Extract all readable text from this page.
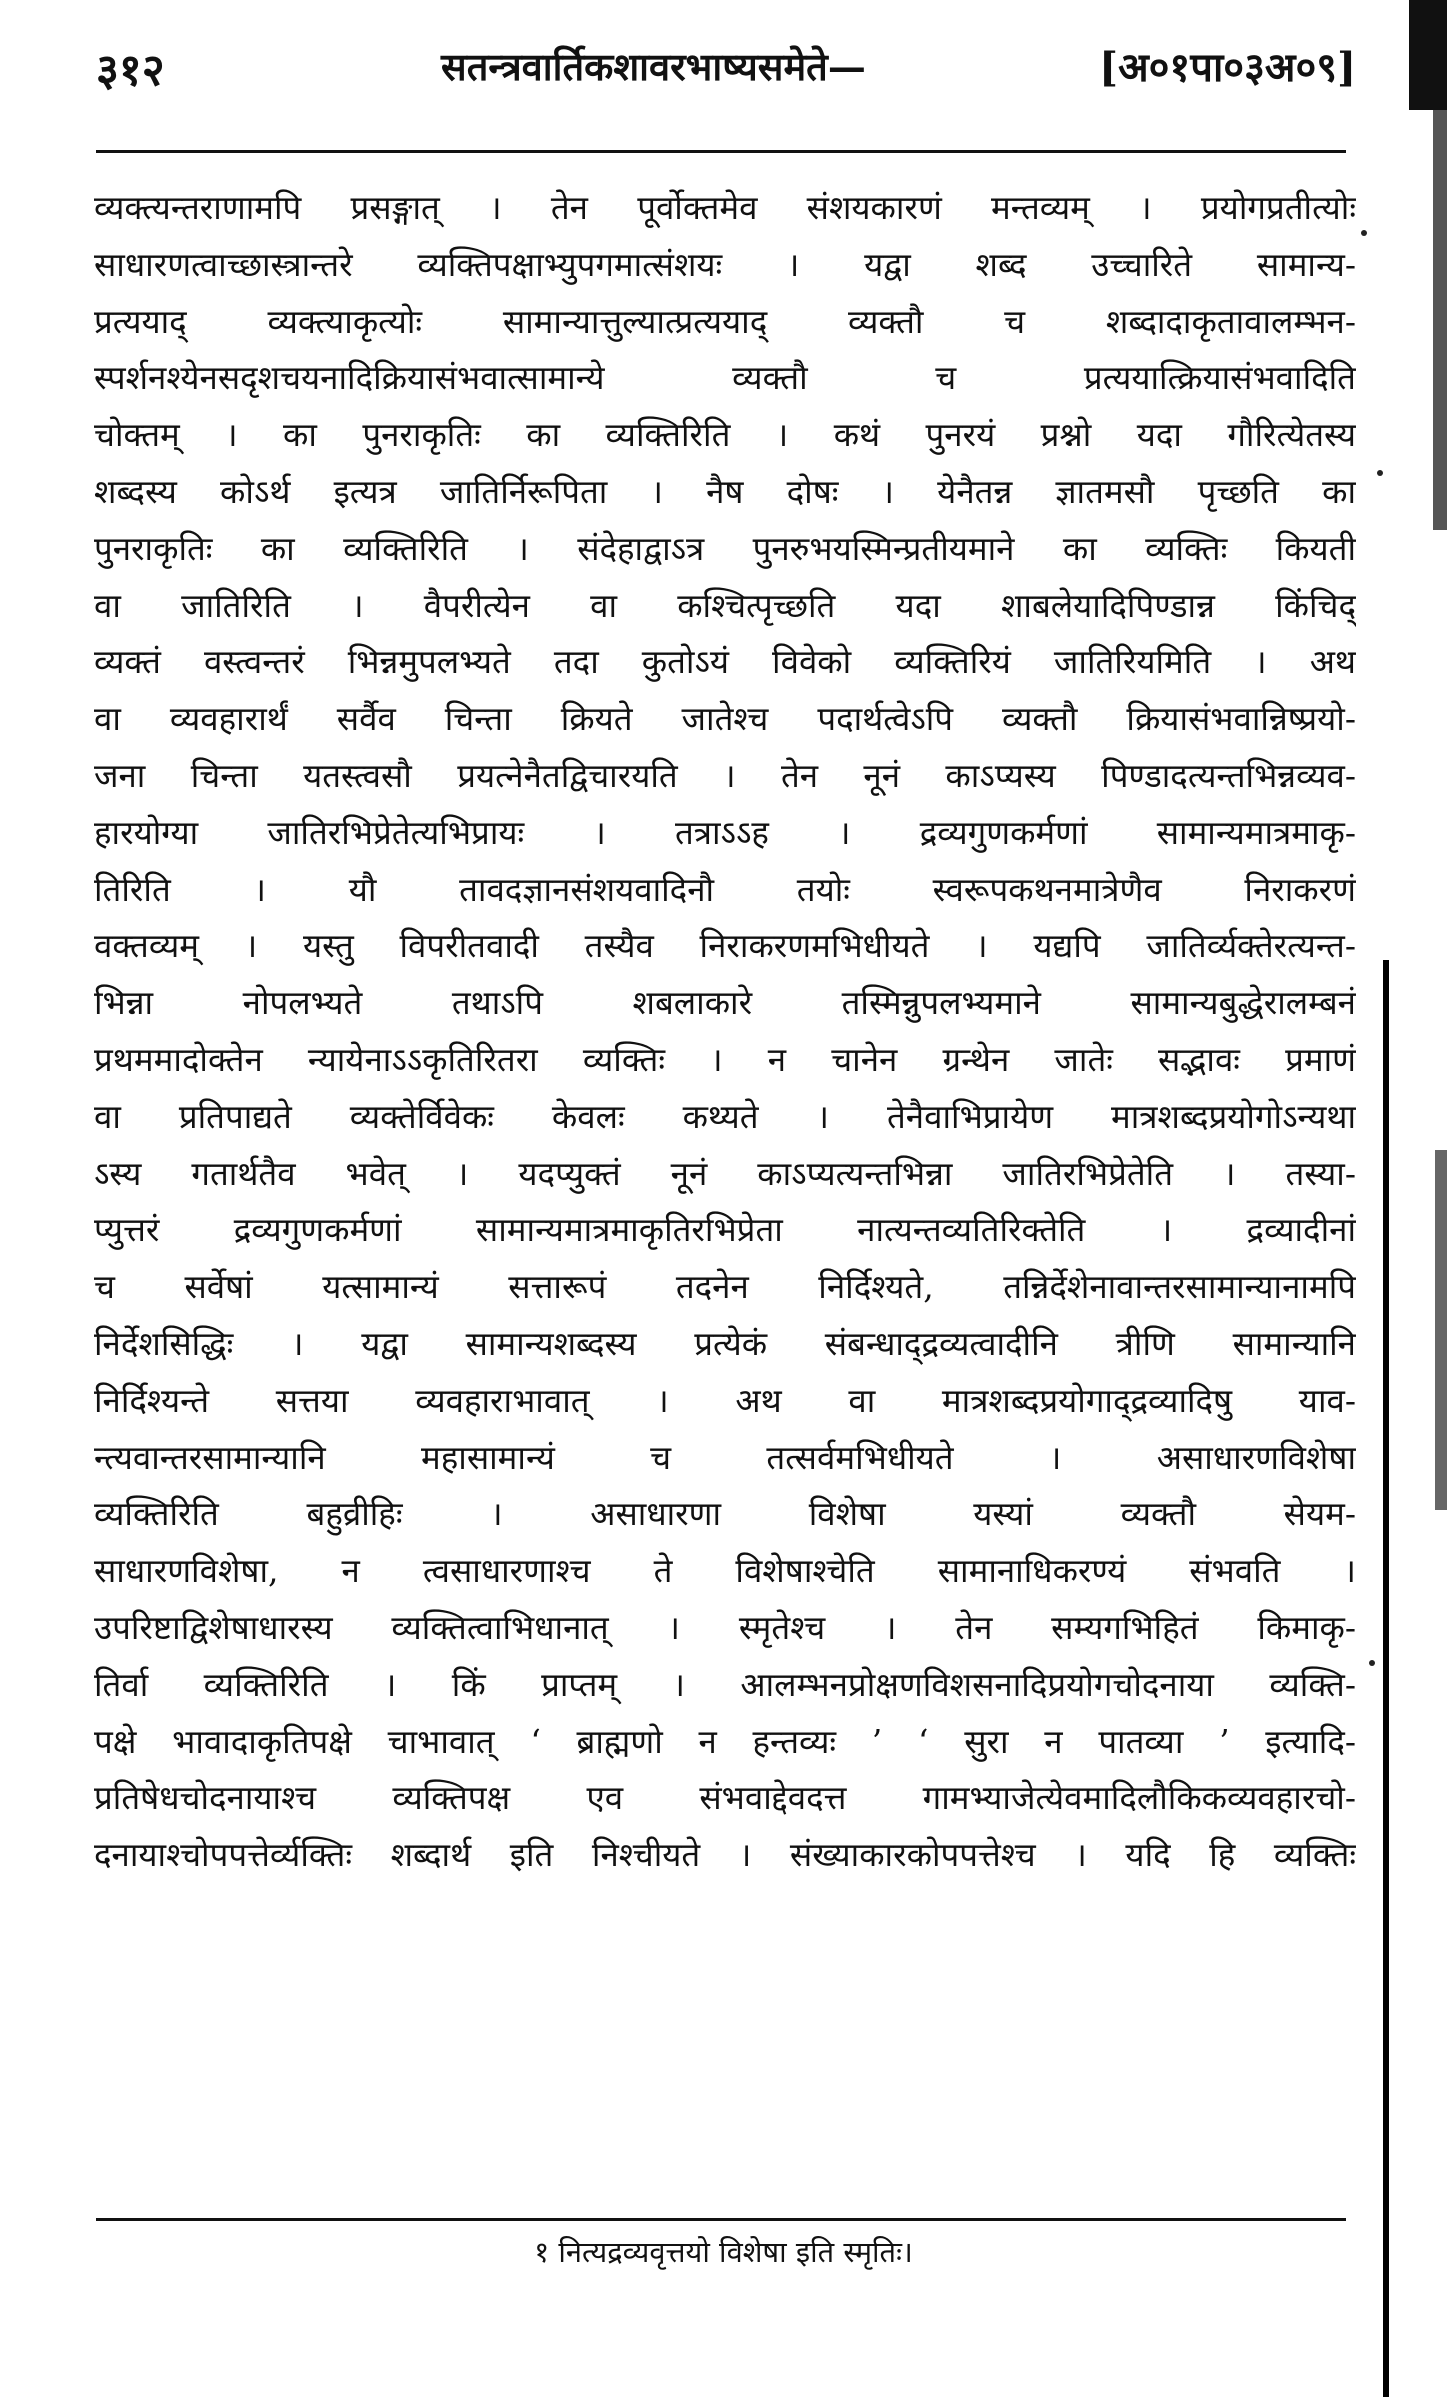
३१२	सतन्त्रवार्तिकशावरभाष्यसमेते—	[अ०१पा०३अ०९]
व्यक्त्यन्तराणामपि प्रसङ्गात् । तेन पूर्वोक्तमेव संशयकारणं मन्तव्यम् । प्रयोगप्रतीत्योः
साधारणत्वाच्छास्त्रान्तरे व्यक्तिपक्षाभ्युपगमात्संशयः । यद्वा शब्द उच्चारिते सामान्य-
प्रत्ययाद् व्यक्त्याकृत्योः सामान्यात्तुल्यात्प्रत्ययाद् व्यक्तौ च शब्दादाकृतावालम्भन-
स्पर्शनश्येनसदृशचयनादिक्रियासंभवात्सामान्ये व्यक्तौ च प्रत्ययात्क्रियासंभवादिति
चोक्तम् । का पुनराकृतिः का व्यक्तिरिति । कथं पुनरयं प्रश्नो यदा गौरित्येतस्य
शब्दस्य कोऽर्थ इत्यत्र जातिर्निरूपिता । नैष दोषः । येनैतन्न ज्ञातमसौ पृच्छति का
पुनराकृतिः का व्यक्तिरिति । संदेहाद्वाऽत्र पुनरुभयस्मिन्प्रतीयमाने का व्यक्तिः कियती
वा जातिरिति । वैपरीत्येन वा कश्चित्पृच्छति यदा शाबलेयादिपिण्डान्न किंचिद्
व्यक्तं वस्त्वन्तरं भिन्नमुपलभ्यते तदा कुतोऽयं विवेको व्यक्तिरियं जातिरियमिति । अथ
वा व्यवहारार्थं सर्वैव चिन्ता क्रियते जातेश्च पदार्थत्वेऽपि व्यक्तौ क्रियासंभवान्निष्प्रयो-
जना चिन्ता यतस्त्वसौ प्रयत्नेनैतद्विचारयति । तेन नूनं काऽप्यस्य पिण्डादत्यन्तभिन्नव्यव-
हारयोग्या जातिरभिप्रेतेत्यभिप्रायः । तत्राऽऽह । द्रव्यगुणकर्मणां सामान्यमात्रमाकृ-
तिरिति । यौ तावदज्ञानसंशयवादिनौ तयोः स्वरूपकथनमात्रेणैव निराकरणं
वक्तव्यम् । यस्तु विपरीतवादी तस्यैव निराकरणमभिधीयते । यद्यपि जातिर्व्यक्तेरत्यन्त-
भिन्ना नोपलभ्यते तथाऽपि शबलाकारे तस्मिन्नुपलभ्यमाने सामान्यबुद्धेरालम्बनं
प्रथममादोक्तेन न्यायेनाऽऽकृतिरितरा व्यक्तिः । न चानेन ग्रन्थेन जातेः सद्भावः प्रमाणं
वा प्रतिपाद्यते व्यक्तेर्विवेकः केवलः कथ्यते । तेनैवाभिप्रायेण मात्रशब्दप्रयोगोऽन्यथा
ऽस्य गतार्थतैव भवेत् । यदप्युक्तं नूनं काऽप्यत्यन्तभिन्ना जातिरभिप्रेतेति । तस्या-
प्युत्तरं द्रव्यगुणकर्मणां सामान्यमात्रमाकृतिरभिप्रेता नात्यन्तव्यतिरिक्तेति । द्रव्यादीनां
च सर्वेषां यत्सामान्यं सत्तारूपं तदनेन निर्दिश्यते, तन्निर्देशेनावान्तरसामान्यानामपि
निर्देशसिद्धिः । यद्वा सामान्यशब्दस्य प्रत्येकं संबन्धाद्द्रव्यत्वादीनि त्रीणि सामान्यानि
निर्दिश्यन्ते सत्तया व्यवहाराभावात् । अथ वा मात्रशब्दप्रयोगाद्द्रव्यादिषु याव-
न्त्यवान्तरसामान्यानि महासामान्यं च तत्सर्वमभिधीयते । असाधारणविशेषा
व्यक्तिरिति बहुव्रीहिः । असाधारणा विशेषा यस्यां व्यक्तौ सेयम-
साधारणविशेषा, न त्वसाधारणाश्च ते विशेषाश्चेति सामानाधिकरण्यं संभवति ।
उपरिष्टाद्विशेषाधारस्य व्यक्तित्वाभिधानात् । स्मृतेश्च । तेन सम्यगभिहितं किमाकृ-
तिर्वा व्यक्तिरिति । किं प्राप्तम् । आलम्भनप्रोक्षणविशसनादिप्रयोगचोदनाया व्यक्ति-
पक्षे भावादाकृतिपक्षे चाभावात् ‘ ब्राह्मणो न हन्तव्यः ’ ‘ सुरा न पातव्या ’ इत्यादि-
प्रतिषेधचोदनायाश्च व्यक्तिपक्ष एव संभवाद्देवदत्त गामभ्याजेत्येवमादिलौकिकव्यवहारचो-
दनायाश्चोपपत्तेर्व्यक्तिः शब्दार्थ इति निश्चीयते । संख्याकारकोपपत्तेश्च । यदि हि व्यक्तिः
१ नित्यद्रव्यवृत्तयो विशेषा इति स्मृतिः।
